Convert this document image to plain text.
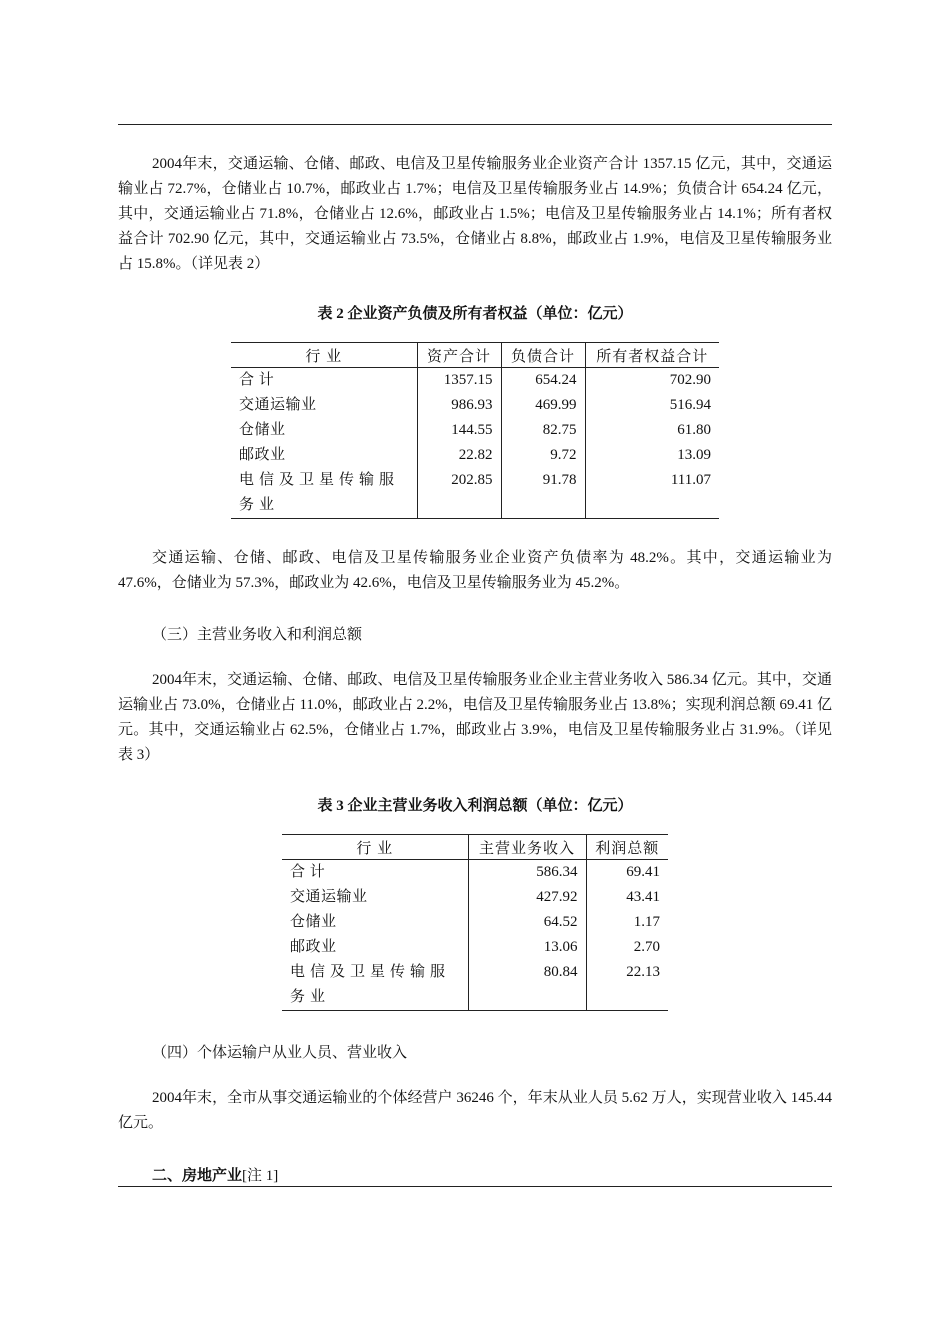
2004年末，交通运输、仓储、邮政、电信及卫星传输服务业企业资产合计 1357.15 亿元，其中，交通运输业占 72.7%，仓储业占 10.7%，邮政业占 1.7%；电信及卫星传输服务业占 14.9%；负债合计 654.24 亿元，其中，交通运输业占 71.8%，仓储业占 12.6%，邮政业占 1.5%；电信及卫星传输服务业占 14.1%；所有者权益合计 702.90 亿元，其中，交通运输业占 73.5%，仓储业占 8.8%，邮政业占 1.9%，电信及卫星传输服务业占 15.8%。（详见表 2）

表 2 企业资产负债及所有者权益（单位：亿元）
行 业	资产合计	负债合计	所有者权益合计
合 计	1357.15	654.24	702.90
交通运输业	986.93	469.99	516.94
仓储业	144.55	82.75	61.80
邮政业	22.82	9.72	13.09
电信及卫星传输服务业	202.85	91.78	111.07

交通运输、仓储、邮政、电信及卫星传输服务业企业资产负债率为 48.2%。其中，交通运输业为 47.6%，仓储业为 57.3%，邮政业为 42.6%，电信及卫星传输服务业为 45.2%。

（三）主营业务收入和利润总额

2004年末，交通运输、仓储、邮政、电信及卫星传输服务业企业主营业务收入 586.34 亿元。其中，交通运输业占 73.0%，仓储业占 11.0%，邮政业占 2.2%，电信及卫星传输服务业占 13.8%；实现利润总额 69.41 亿元。其中，交通运输业占 62.5%，仓储业占 1.7%，邮政业占 3.9%，电信及卫星传输服务业占 31.9%。（详见表 3）

表 3 企业主营业务收入利润总额（单位：亿元）
行 业	主营业务收入	利润总额
合 计	586.34	69.41
交通运输业	427.92	43.41
仓储业	64.52	1.17
邮政业	13.06	2.70
电信及卫星传输服务业	80.84	22.13
（四）个体运输户从业人员、营业收入

2004年末，全市从事交通运输业的个体经营户 36246 个，年末从业人员 5.62 万人，实现营业收入 145.44 亿元。

二、房地产业[注 1]
